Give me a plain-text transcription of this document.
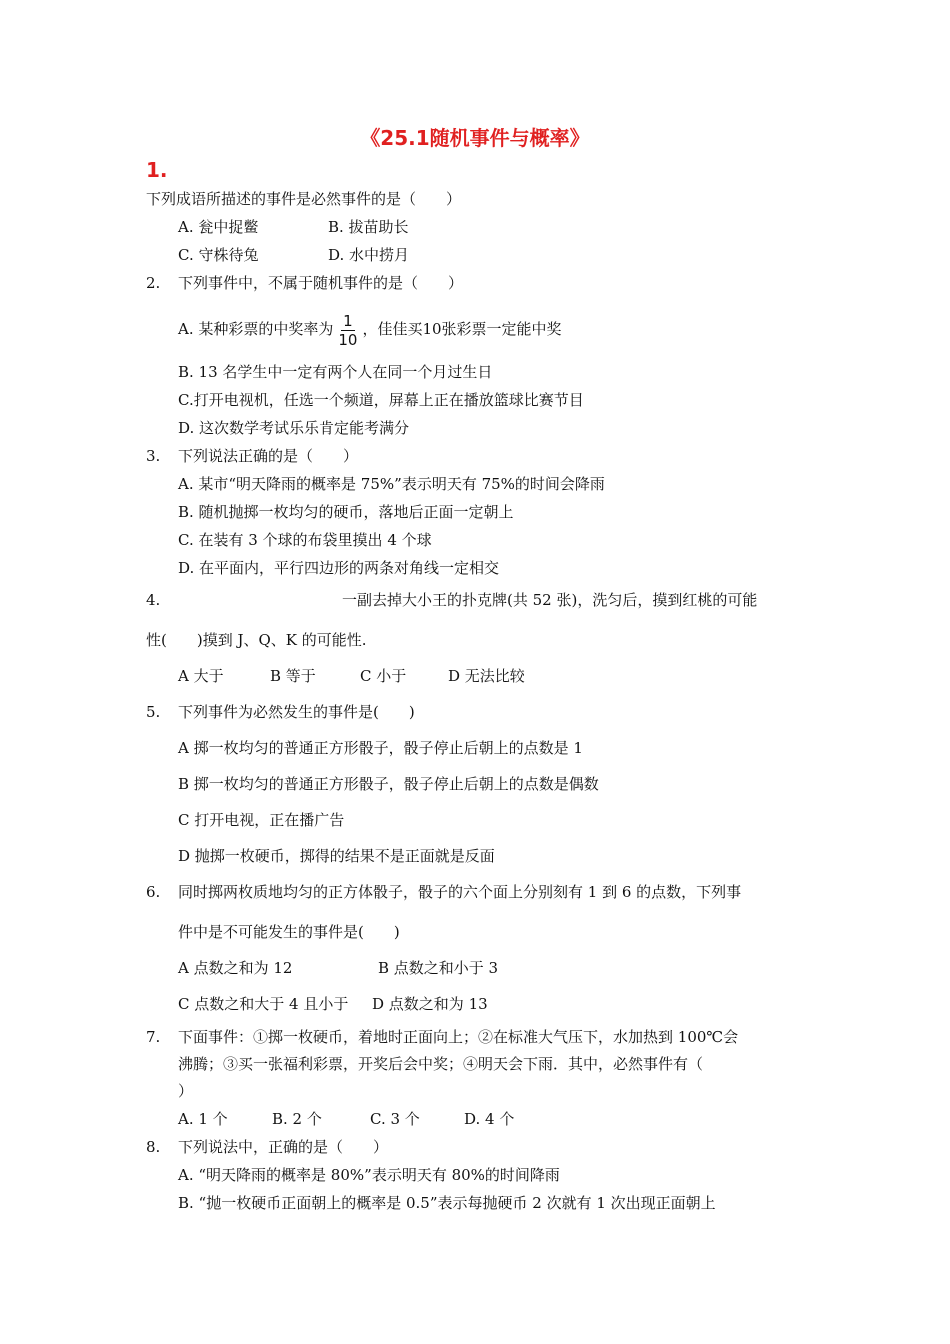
《25.1随机事件与概率》
1.
下列成语所描述的事件是必然事件的是（　　）
A. 瓮中捉鳖	B. 拔苗助长
C. 守株待兔	D. 水中捞月
2. 下列事件中，不属于随机事件的是（　　）
A. 某种彩票的中奖率为 $\frac{1}{10}$ ，佳佳买10张彩票一定能中奖
B. 13 名学生中一定有两个人在同一个月过生日
C.打开电视机，任选一个频道，屏幕上正在播放篮球比赛节目
D. 这次数学考试乐乐肯定能考满分
3. 下列说法正确的是（　　）
A. 某市“明天降雨的概率是 75%”表示明天有 75%的时间会降雨
B. 随机抛掷一枚均匀的硬币，落地后正面一定朝上
C. 在装有 3 个球的布袋里摸出 4 个球
D. 在平面内，平行四边形的两条对角线一定相交
4.	一副去掉大小王的扑克牌(共 52 张)，洗匀后，摸到红桃的可能
性(　　)摸到 J、Q、K 的可能性.
A 大于	B 等于	C 小于	D 无法比较
5. 下列事件为必然发生的事件是(　　)
A 掷一枚均匀的普通正方形骰子，骰子停止后朝上的点数是 1
B 掷一枚均匀的普通正方形骰子，骰子停止后朝上的点数是偶数
C 打开电视，正在播广告
D 抛掷一枚硬币，掷得的结果不是正面就是反面
6. 同时掷两枚质地均匀的正方体骰子，骰子的六个面上分别刻有 1 到 6 的点数，下列事
件中是不可能发生的事件是(　　)
A 点数之和为 12	B 点数之和小于 3
C 点数之和大于 4 且小于 D 点数之和为 13
7. 下面事件：①掷一枚硬币，着地时正面向上；②在标准大气压下，水加热到 100℃会
沸腾；③买一张福利彩票，开奖后会中奖；④明天会下雨．其中，必然事件有（
）
A. 1 个	B. 2 个	C. 3 个	D. 4 个
8. 下列说法中，正确的是（　　）
A. “明天降雨的概率是 80%”表示明天有 80%的时间降雨
B. “抛一枚硬币正面朝上的概率是 0.5”表示每抛硬币 2 次就有 1 次出现正面朝上
